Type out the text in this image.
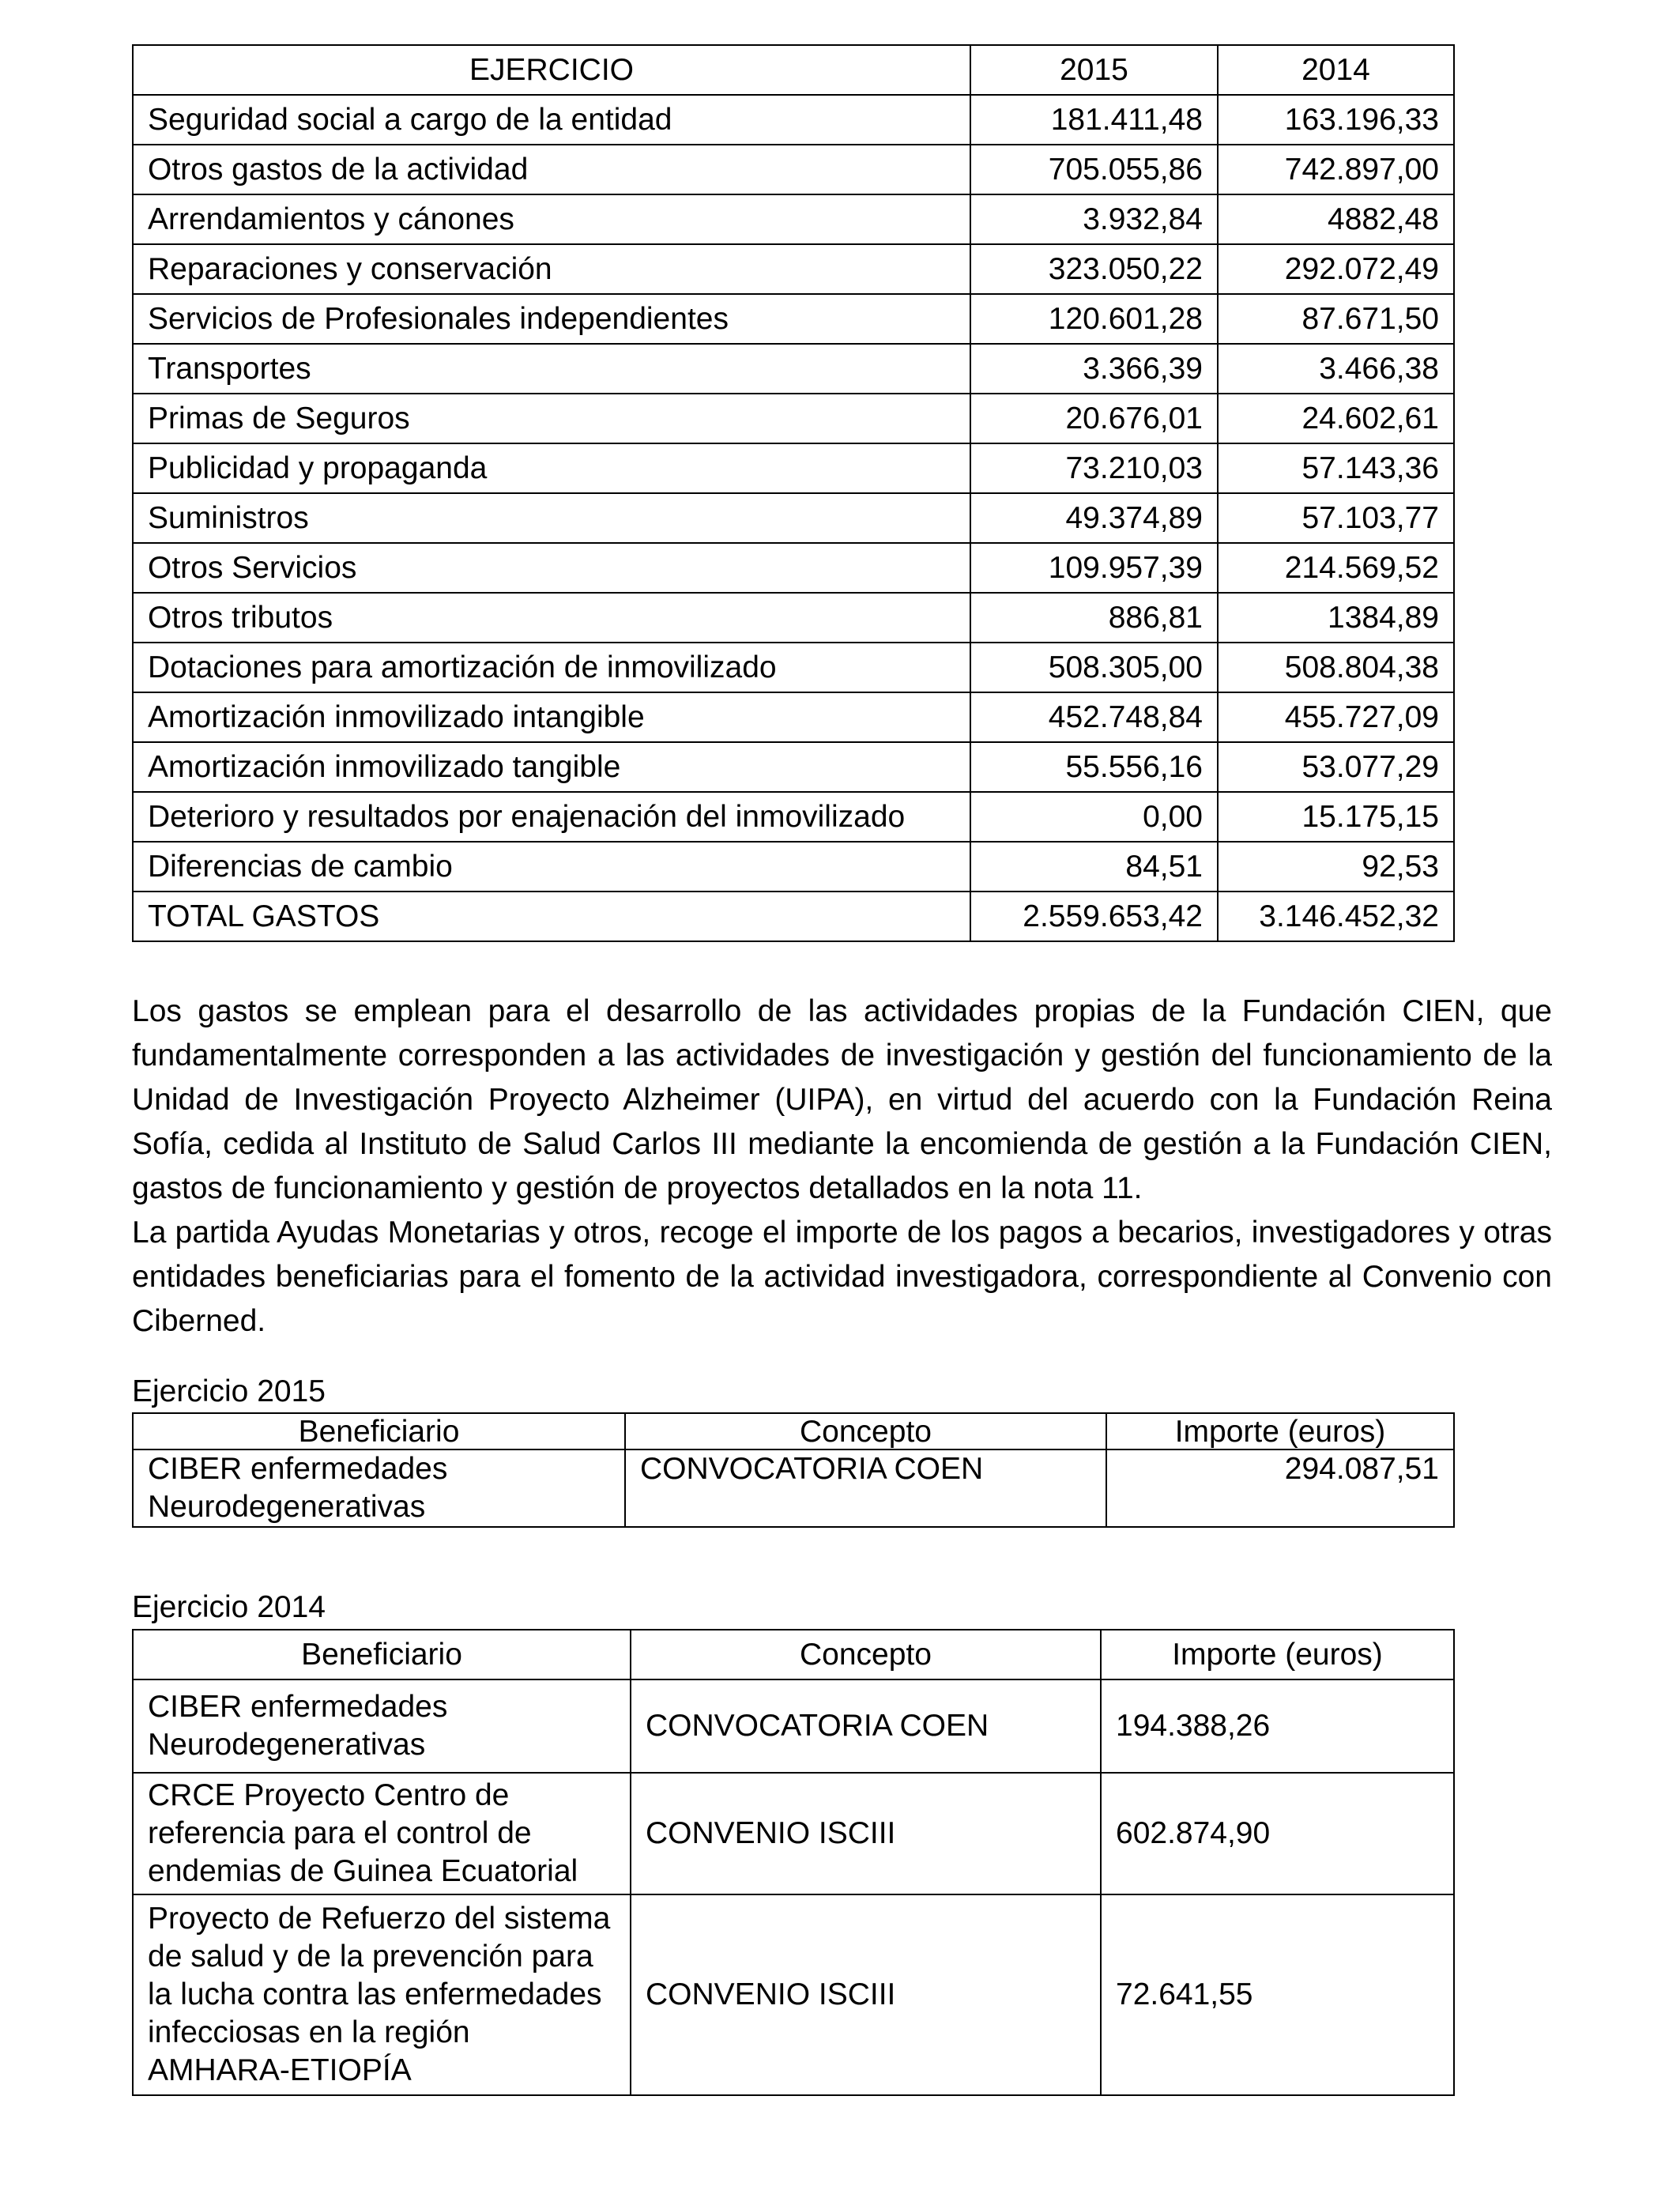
EJERCICIO	2015	2014
Seguridad social a cargo de la entidad	181.411,48	163.196,33
Otros gastos de la actividad	705.055,86	742.897,00
Arrendamientos y cánones	3.932,84	4882,48
Reparaciones y conservación	323.050,22	292.072,49
Servicios de Profesionales independientes	120.601,28	87.671,50
Transportes	3.366,39	3.466,38
Primas de Seguros	20.676,01	24.602,61
Publicidad y propaganda	73.210,03	57.143,36
Suministros	49.374,89	57.103,77
Otros Servicios	109.957,39	214.569,52
Otros tributos	886,81	1384,89
Dotaciones para amortización de inmovilizado	508.305,00	508.804,38
Amortización inmovilizado intangible	452.748,84	455.727,09
Amortización inmovilizado tangible	55.556,16	53.077,29
Deterioro y resultados por enajenación del inmovilizado	0,00	15.175,15
Diferencias de cambio	84,51	92,53
TOTAL GASTOS	2.559.653,42	3.146.452,32

Los gastos se emplean para el desarrollo de las actividades propias de la Fundación CIEN, que fundamentalmente corresponden a las actividades de investigación y gestión del funcionamiento de la Unidad de Investigación Proyecto Alzheimer (UIPA), en virtud del acuerdo con la Fundación Reina Sofía, cedida al Instituto de Salud Carlos III mediante la encomienda de gestión a la Fundación CIEN, gastos de funcionamiento y gestión de proyectos detallados en la nota 11.

La partida Ayudas Monetarias y otros, recoge el importe de los pagos a becarios, investigadores y otras entidades beneficiarias para el fomento de la actividad investigadora, correspondiente al Convenio con Ciberned.

Ejercicio 2015

Beneficiario	Concepto	Importe (euros)
CIBER enfermedades Neurodegenerativas	CONVOCATORIA COEN	294.087,51

Ejercicio 2014

Beneficiario	Concepto	Importe (euros)
CIBER enfermedades Neurodegenerativas	CONVOCATORIA COEN	194.388,26
CRCE Proyecto Centro de referencia para el control de endemias de Guinea Ecuatorial	CONVENIO ISCIII	602.874,90
Proyecto de Refuerzo del sistema de salud y de la prevención para la lucha contra las enfermedades infecciosas en la región AMHARA-ETIOPÍA	CONVENIO ISCIII	72.641,55
